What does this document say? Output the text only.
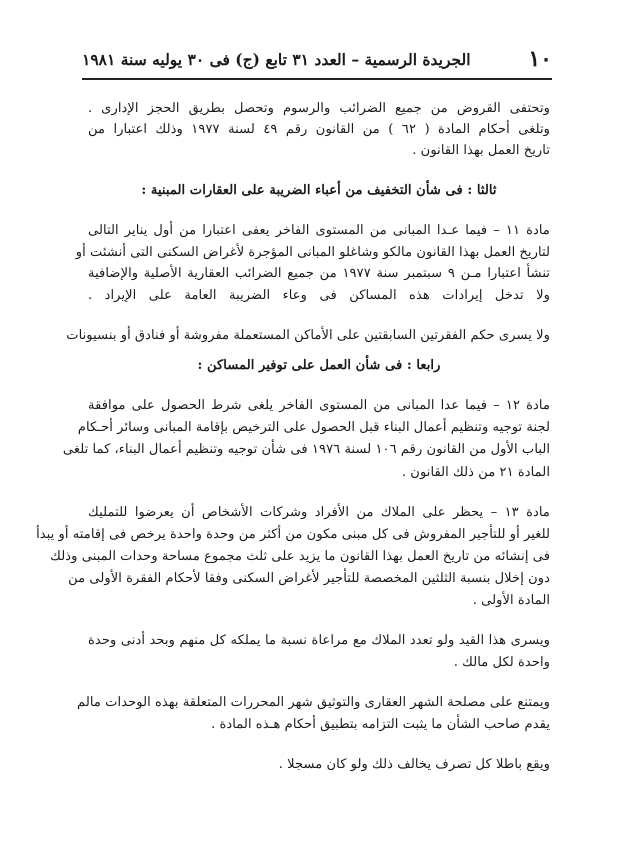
١٠
الجريدة الرسمية – العدد ٣١ تابع (ج) فى ٣٠ يوليه سنة ١٩٨١
وتحتفى القروض من جميع الضرائب والرسوم وتحصل بطريق الحجز الإدارى .
وتلغى أحكام المادة ( ٦٢ ) من القانون رقم ٤٩ لسنة ١٩٧٧ وذلك اعتبارا من
تاريخ العمل بهذا القانون .
ثالثا : فى شأن التخفيف من أعباء الضريبة على العقارات المبنية :
مادة ١١ – فيما عـدا المبانى من المستوى الفاخر يعفى اعتبارا من أول يناير التالى
لتاريخ العمل بهذا القانون مالكو وشاغلو المبانى المؤجرة لأغراض السكنى التى أنشئت أو
تنشأ اعتبارا مـن ٩ سبتمبر سنة ١٩٧٧ من جميع الضرائب العقارية الأصلية والإضافية
ولا تدخل إيرادات هذه المساكن فى وعاء الضريبة العامة على الإيراد .
ولا يسرى حكم الفقرتين السابقتين على الأماكن المستعملة مفروشة أو فنادق أو بنسيونات
رابعا : فى شأن العمل على توفير المساكن :
مادة ١٢ – فيما عدا المبانى من المستوى الفاخر يلغى شرط الحصول على موافقة
لجنة توجيه وتنظيم أعمال البناء قبل الحصول على الترخيص بإقامة المبانى وسائر أحـكام
الباب الأول من القانون رقم ١٠٦ لسنة ١٩٧٦ فى شأن توجيه وتنظيم أعمال البناء، كما تلغى
المادة ٢١ من ذلك القانون .
مادة ١٣ – يحظر على الملاك من الأفراد وشركات الأشخاص أن يعرضوا للتمليك
للغير أو للتأجير المفروش فى كل مبنى مكون من أكثر من وحدة واحدة يرخص فى إقامته أو يبدأ
فى إنشائه من تاريخ العمل بهذا القانون ما يزيد على ثلث مجموع مساحة وحدات المبنى وذلك
دون إخلال بنسبة الثلثين المخصصة للتأجير لأغراض السكنى وفقا لأحكام الفقرة الأولى من
المادة الأولى .
ويسرى هذا القيد ولو تعدد الملاك مع مراعاة نسبة ما يملكه كل منهم وبحد أدنى وحدة
واحدة لكل مالك .
ويمتنع على مصلحة الشهر العقارى والتوثيق شهر المحررات المتعلقة بهذه الوحدات مالم
يقدم صاحب الشأن ما يثبت التزامه بتطبيق أحكام هـذه المادة .
ويقع باطلا كل تصرف يخالف ذلك ولو كان مسجلا .
